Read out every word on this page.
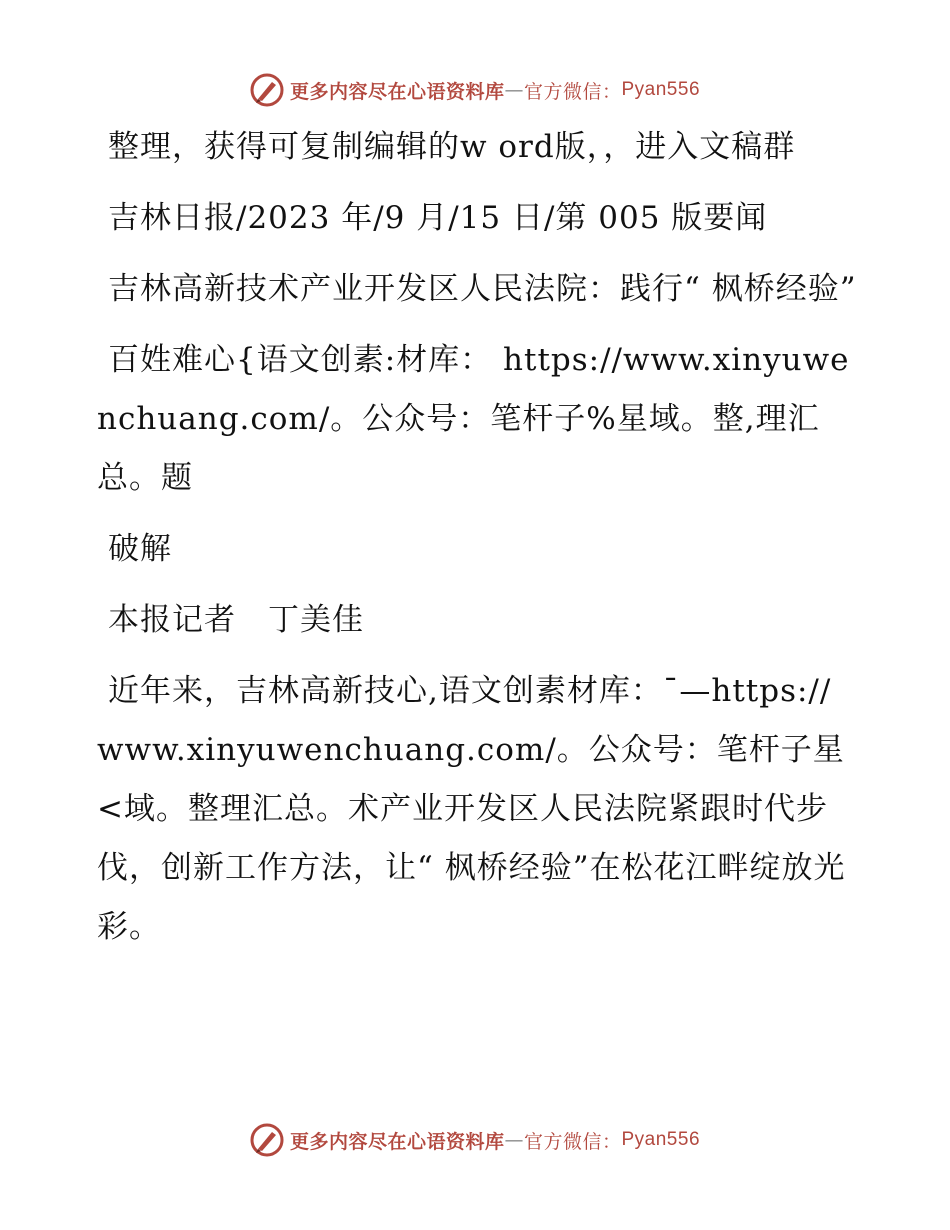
更多内容尽在心语资料库 — 官方微信： Pyan556

整理，获得可复制编辑的w ord版，，进入文稿群

吉林日报/2023 年/9 月/15 日/第 005 版要闻

吉林高新技术产业开发区人民法院：践行“ 枫桥经验”

百姓难心{语文创素:材库： https://www.xinyuwenchuang.com/。公众号：笔杆子%星域。整,理汇总。题

破解

本报记者　丁美佳

近年来，吉林高新技心,语文创素材库：¯—https://www.xinyuwenchuang.com/。公众号：笔杆子星<域。整理汇总。术产业开发区人民法院紧跟时代步伐，创新工作方法，让“ 枫桥经验”在松花江畔绽放光彩。

更多内容尽在心语资料库 — 官方微信： Pyan556
